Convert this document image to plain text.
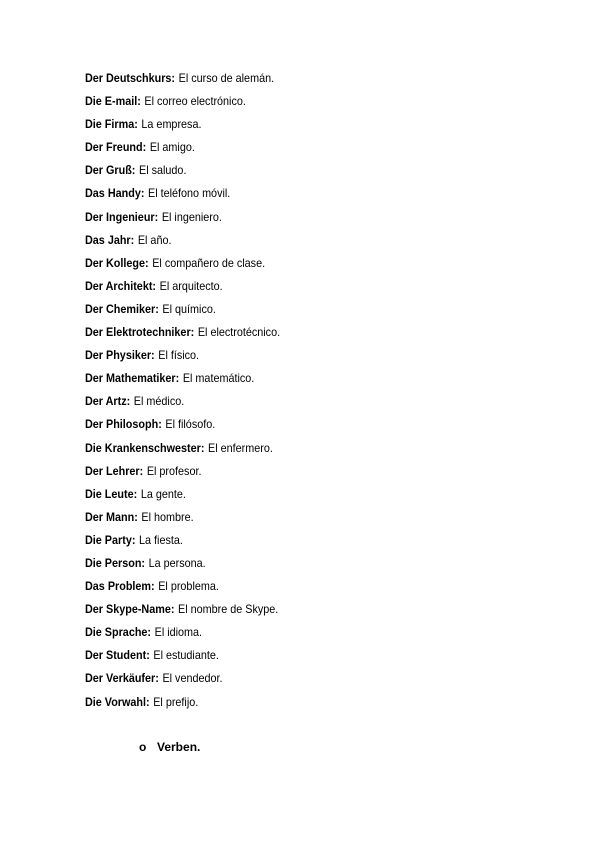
Der Deutschkurs: El curso de alemán.
Die E-mail: El correo electrónico.
Die Firma: La empresa.
Der Freund: El amigo.
Der Gruß: El saludo.
Das Handy: El teléfono móvil.
Der Ingenieur: El ingeniero.
Das Jahr: El año.
Der Kollege: El compañero de clase.
Der Architekt: El arquitecto.
Der Chemiker: El químico.
Der Elektrotechniker: El electrotécnico.
Der Physiker: El físico.
Der Mathematiker: El matemático.
Der Artz: El médico.
Der Philosoph: El filósofo.
Die Krankenschwester: El enfermero.
Der Lehrer: El profesor.
Die Leute: La gente.
Der Mann: El hombre.
Die Party: La fiesta.
Die Person: La persona.
Das Problem: El problema.
Der Skype-Name: El nombre de Skype.
Die Sprache: El idioma.
Der Student: El estudiante.
Der Verkäufer: El vendedor.
Die Vorwahl: El prefijo.
o Verben.
